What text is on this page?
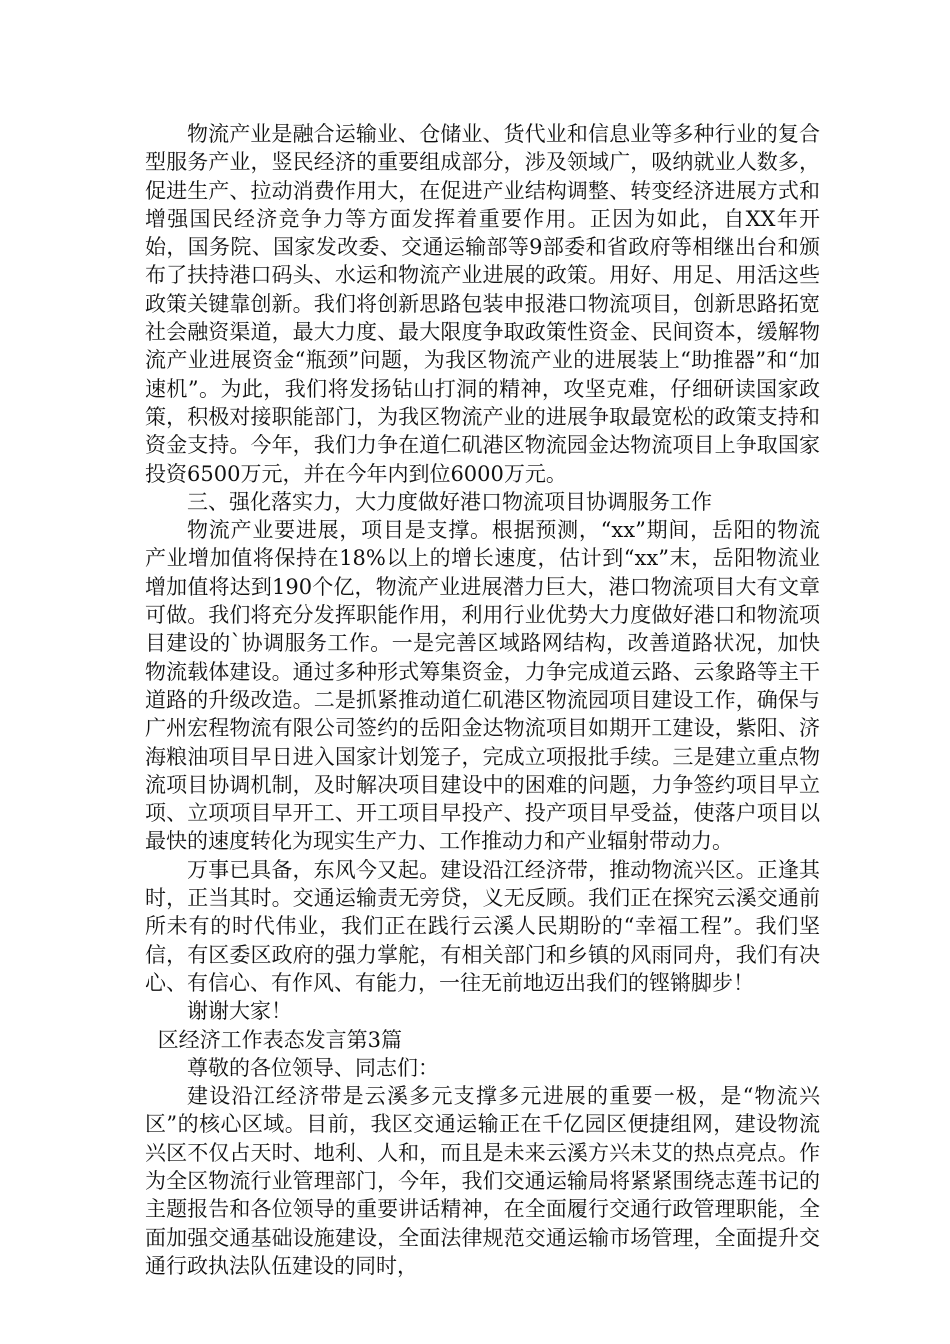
物流产业是融合运输业、仓储业、货代业和信息业等多种行业的复合型服务产业，竖民经济的重要组成部分，涉及领域广，吸纳就业人数多，促进生产、拉动消费作用大，在促进产业结构调整、转变经济进展方式和增强国民经济竞争力等方面发挥着重要作用。正因为如此，自XX年开始，国务院、国家发改委、交通运输部等9部委和省政府等相继出台和颁布了扶持港口码头、水运和物流产业进展的政策。用好、用足、用活这些政策关键靠创新。我们将创新思路包装申报港口物流项目，创新思路拓宽社会融资渠道，最大力度、最大限度争取政策性资金、民间资本，缓解物流产业进展资金“瓶颈”问题，为我区物流产业的进展装上“助推器”和“加速机”。为此，我们将发扬钻山打洞的精神，攻坚克难，仔细研读国家政策，积极对接职能部门，为我区物流产业的进展争取最宽松的政策支持和资金支持。今年，我们力争在道仁矶港区物流园金达物流项目上争取国家投资6500万元，并在今年内到位6000万元。

三、强化落实力，大力度做好港口物流项目协调服务工作

物流产业要进展，项目是支撑。根据预测，“xx”期间，岳阳的物流产业增加值将保持在18%以上的增长速度，估计到“xx”末，岳阳物流业增加值将达到190个亿，物流产业进展潜力巨大，港口物流项目大有文章可做。我们将充分发挥职能作用，利用行业优势大力度做好港口和物流项目建设的`协调服务工作。一是完善区域路网结构，改善道路状况，加快物流载体建设。通过多种形式筹集资金，力争完成道云路、云象路等主干道路的升级改造。二是抓紧推动道仁矶港区物流园项目建设工作，确保与广州宏程物流有限公司签约的岳阳金达物流项目如期开工建设，紫阳、济海粮油项目早日进入国家计划笼子，完成立项报批手续。三是建立重点物流项目协调机制，及时解决项目建设中的困难的问题，力争签约项目早立项、立项项目早开工、开工项目早投产、投产项目早受益，使落户项目以最快的速度转化为现实生产力、工作推动力和产业辐射带动力。

万事已具备，东风今又起。建设沿江经济带，推动物流兴区。正逢其时，正当其时。交通运输责无旁贷，义无反顾。我们正在探究云溪交通前所未有的时代伟业，我们正在践行云溪人民期盼的“幸福工程”。我们坚信，有区委区政府的强力掌舵，有相关部门和乡镇的风雨同舟，我们有决心、有信心、有作风、有能力，一往无前地迈出我们的铿锵脚步！

谢谢大家！

区经济工作表态发言第3篇

尊敬的各位领导、同志们：

建设沿江经济带是云溪多元支撑多元进展的重要一极，是“物流兴区”的核心区域。目前，我区交通运输正在千亿园区便捷组网，建设物流兴区不仅占天时、地利、人和，而且是未来云溪方兴未艾的热点亮点。作为全区物流行业管理部门，今年，我们交通运输局将紧紧围绕志莲书记的主题报告和各位领导的重要讲话精神，在全面履行交通行政管理职能，全面加强交通基础设施建设，全面法律规范交通运输市场管理，全面提升交通行政执法队伍建设的同时，
